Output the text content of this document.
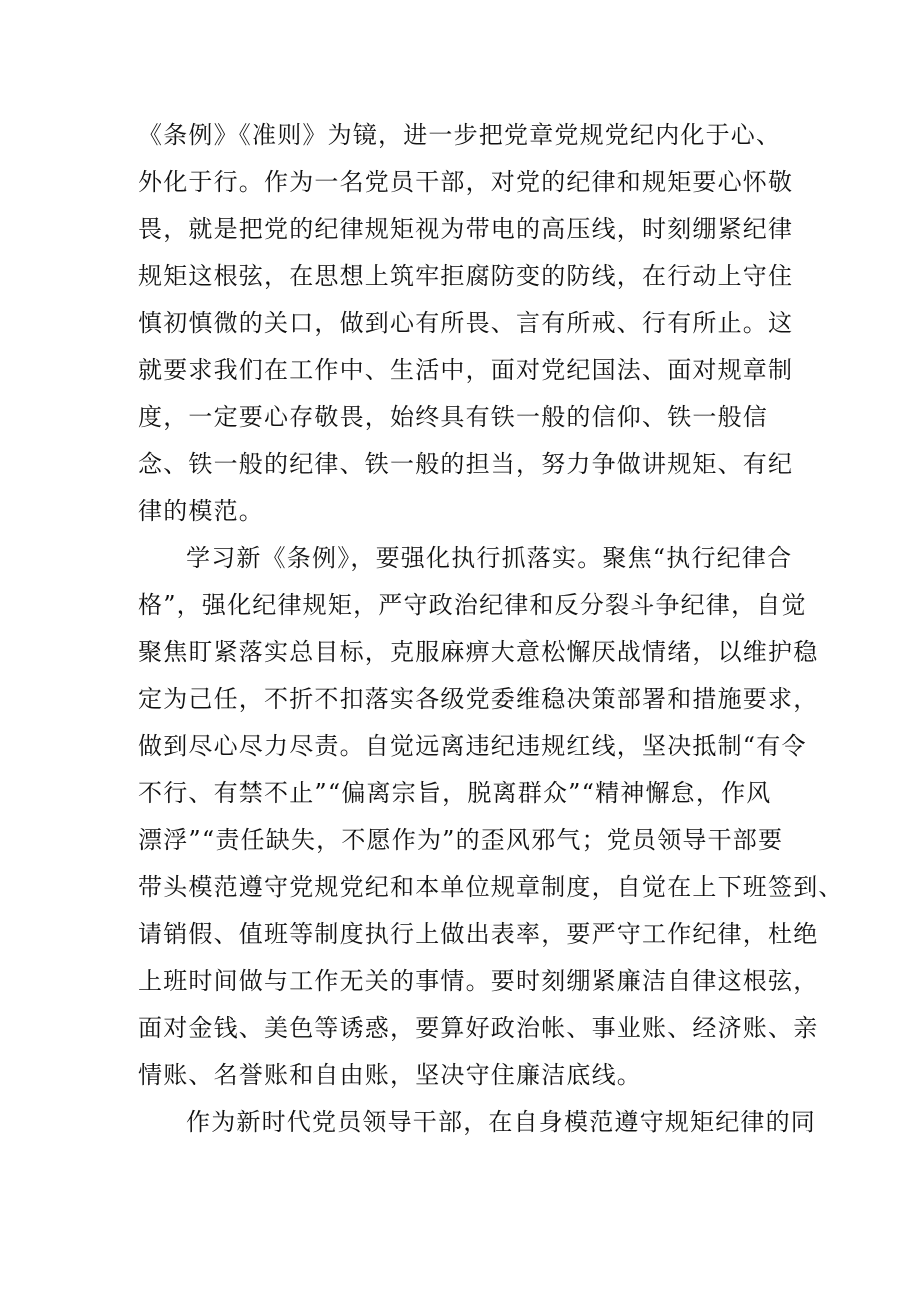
《条例》《准则》为镜，进一步把党章党规党纪内化于心、
外化于行。作为一名党员干部，对党的纪律和规矩要心怀敬
畏，就是把党的纪律规矩视为带电的高压线，时刻绷紧纪律
规矩这根弦，在思想上筑牢拒腐防变的防线，在行动上守住
慎初慎微的关口，做到心有所畏、言有所戒、行有所止。这
就要求我们在工作中、生活中，面对党纪国法、面对规章制
度，一定要心存敬畏，始终具有铁一般的信仰、铁一般信
念、铁一般的纪律、铁一般的担当，努力争做讲规矩、有纪
律的模范。
学习新《条例》，要强化执行抓落实。聚焦“执行纪律合
格”，强化纪律规矩，严守政治纪律和反分裂斗争纪律，自觉
聚焦盯紧落实总目标，克服麻痹大意松懈厌战情绪，以维护稳
定为己任，不折不扣落实各级党委维稳决策部署和措施要求，
做到尽心尽力尽责。自觉远离违纪违规红线，坚决抵制“有令
不行、有禁不止”“偏离宗旨，脱离群众”“精神懈怠，作风
漂浮”“责任缺失，不愿作为”的歪风邪气；党员领导干部要
带头模范遵守党规党纪和本单位规章制度，自觉在上下班签到、
请销假、值班等制度执行上做出表率，要严守工作纪律，杜绝
上班时间做与工作无关的事情。要时刻绷紧廉洁自律这根弦，
面对金钱、美色等诱惑，要算好政治帐、事业账、经济账、亲
情账、名誉账和自由账，坚决守住廉洁底线。
作为新时代党员领导干部，在自身模范遵守规矩纪律的同
